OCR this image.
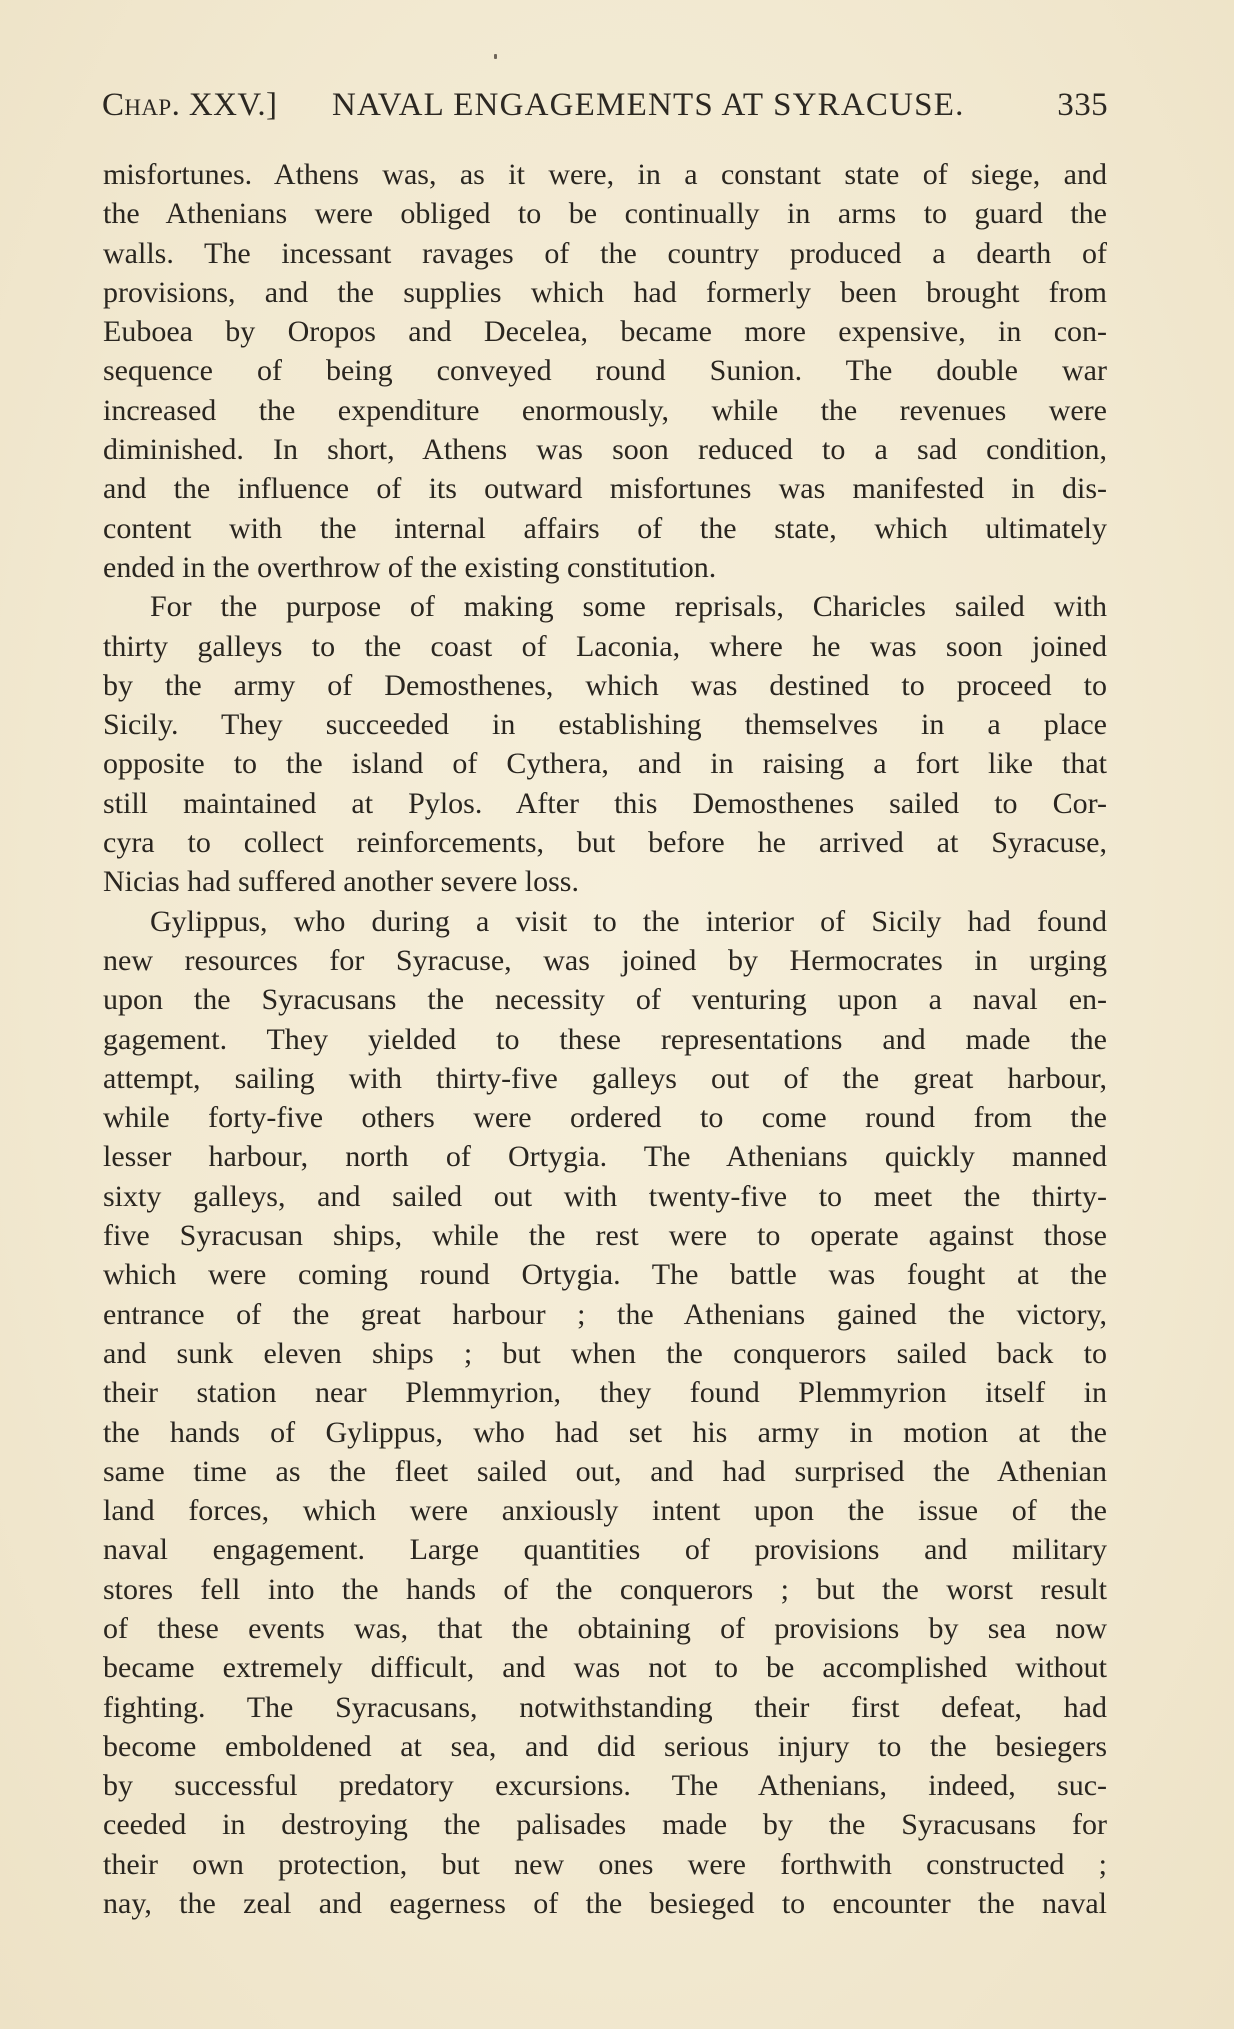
Chap. XXV.] NAVAL ENGAGEMENTS AT SYRACUSE.	335
misfortunes. Athens was, as it were, in a constant state of siege, and
the Athenians were obliged to be continually in arms to guard the
walls. The incessant ravages of the country produced a dearth of
provisions, and the supplies which had formerly been brought from
Euboea by Oropos and Decelea, became more expensive, in con-
sequence of being conveyed round Sunion. The double war
increased the expenditure enormously, while the revenues were
diminished. In short, Athens was soon reduced to a sad condition,
and the influence of its outward misfortunes was manifested in dis-
content with the internal affairs of the state, which ultimately
ended in the overthrow of the existing constitution.
For the purpose of making some reprisals, Charicles sailed with
thirty galleys to the coast of Laconia, where he was soon joined
by the army of Demosthenes, which was destined to proceed to
Sicily. They succeeded in establishing themselves in a place
opposite to the island of Cythera, and in raising a fort like that
still maintained at Pylos. After this Demosthenes sailed to Cor-
cyra to collect reinforcements, but before he arrived at Syracuse,
Nicias had suffered another severe loss.
Gylippus, who during a visit to the interior of Sicily had found
new resources for Syracuse, was joined by Hermocrates in urging
upon the Syracusans the necessity of venturing upon a naval en-
gagement. They yielded to these representations and made the
attempt, sailing with thirty-five galleys out of the great harbour,
while forty-five others were ordered to come round from the
lesser harbour, north of Ortygia. The Athenians quickly manned
sixty galleys, and sailed out with twenty-five to meet the thirty-
five Syracusan ships, while the rest were to operate against those
which were coming round Ortygia. The battle was fought at the
entrance of the great harbour ; the Athenians gained the victory,
and sunk eleven ships ; but when the conquerors sailed back to
their station near Plemmyrion, they found Plemmyrion itself in
the hands of Gylippus, who had set his army in motion at the
same time as the fleet sailed out, and had surprised the Athenian
land forces, which were anxiously intent upon the issue of the
naval engagement. Large quantities of provisions and military
stores fell into the hands of the conquerors ; but the worst result
of these events was, that the obtaining of provisions by sea now
became extremely difficult, and was not to be accomplished without
fighting. The Syracusans, notwithstanding their first defeat, had
become emboldened at sea, and did serious injury to the besiegers
by successful predatory excursions. The Athenians, indeed, suc-
ceeded in destroying the palisades made by the Syracusans for
their own protection, but new ones were forthwith constructed ;
nay, the zeal and eagerness of the besieged to encounter the naval
